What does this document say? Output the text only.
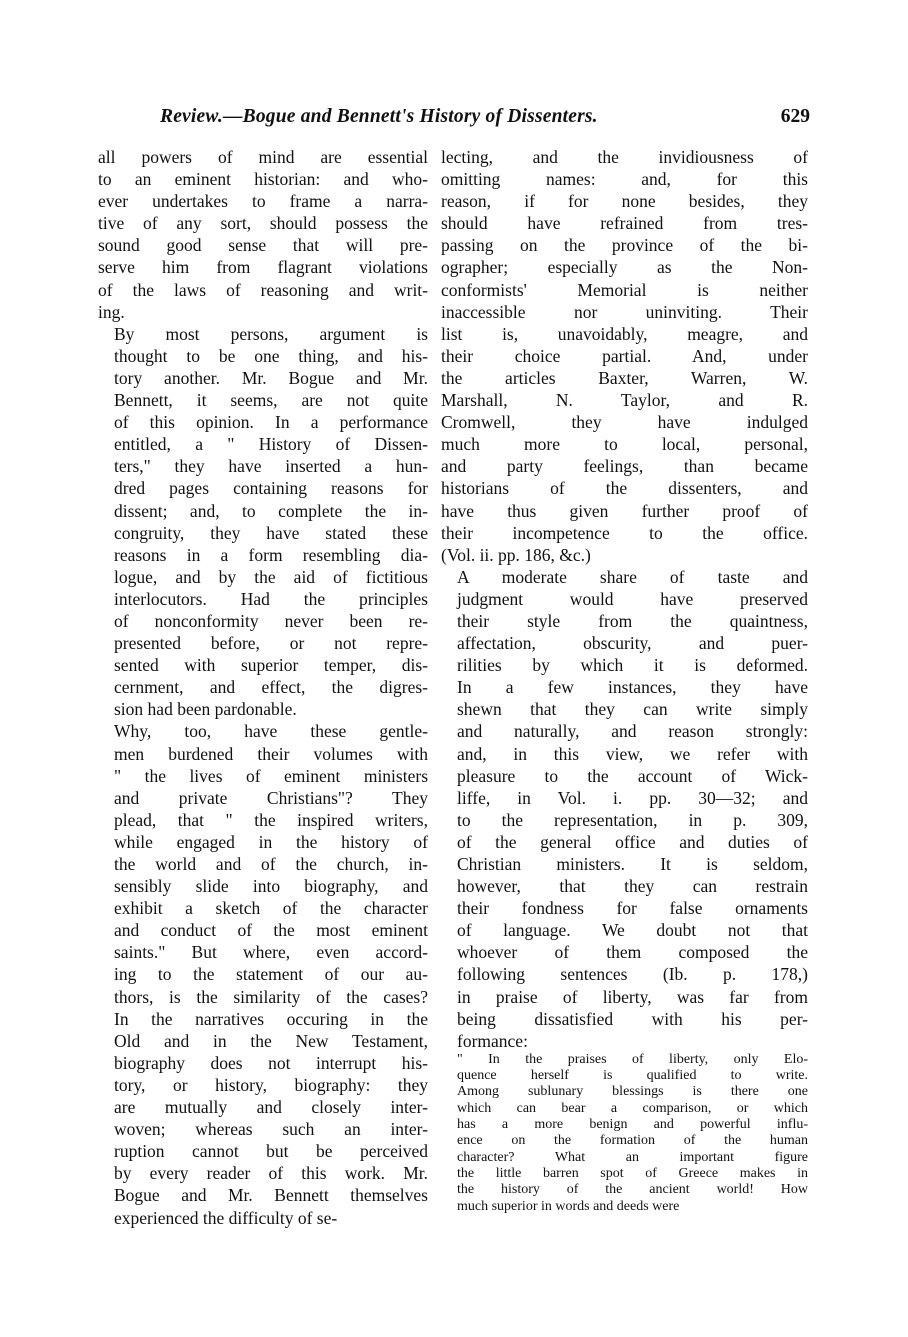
Review.—Bogue and Bennett's History of Dissenters.	629

all powers of mind are essential
to an eminent historian: and who-
ever undertakes to frame a narra-
tive of any sort, should possess the
sound good sense that will pre-
serve him from flagrant violations
of the laws of reasoning and writ-
ing.

By most persons, argument is
thought to be one thing, and his-
tory another. Mr. Bogue and Mr.
Bennett, it seems, are not quite
of this opinion. In a performance
entitled, a " History of Dissen-
ters," they have inserted a hun-
dred pages containing reasons for
dissent; and, to complete the in-
congruity, they have stated these
reasons in a form resembling dia-
logue, and by the aid of fictitious
interlocutors. Had the principles
of nonconformity never been re-
presented before, or not repre-
sented with superior temper, dis-
cernment, and effect, the digres-
sion had been pardonable.

Why, too, have these gentle-
men burdened their volumes with
" the lives of eminent ministers
and private Christians"? They
plead, that " the inspired writers,
while engaged in the history of
the world and of the church, in-
sensibly slide into biography, and
exhibit a sketch of the character
and conduct of the most eminent
saints." But where, even accord-
ing to the statement of our au-
thors, is the similarity of the cases?
In the narratives occuring in the
Old and in the New Testament,
biography does not interrupt his-
tory, or history, biography: they
are mutually and closely inter-
woven; whereas such an inter-
ruption cannot but be perceived
by every reader of this work. Mr.
Bogue and Mr. Bennett themselves
experienced the difficulty of se-

lecting, and the invidiousness of
omitting names: and, for this
reason, if for none besides, they
should have refrained from tres-
passing on the province of the bi-
ographer; especially as the Non-
conformists' Memorial is neither
inaccessible nor uninviting. Their
list is, unavoidably, meagre, and
their choice partial. And, under
the articles Baxter, Warren, W.
Marshall, N. Taylor, and R.
Cromwell, they have indulged
much more to local, personal,
and party feelings, than became
historians of the dissenters, and
have thus given further proof of
their incompetence to the office.
(Vol. ii. pp. 186, &c.)

A moderate share of taste and
judgment would have preserved
their style from the quaintness,
affectation, obscurity, and puer-
rilities by which it is deformed.
In a few instances, they have
shewn that they can write simply
and naturally, and reason strongly:
and, in this view, we refer with
pleasure to the account of Wick-
liffe, in Vol. i. pp. 30—32; and
to the representation, in p. 309,
of the general office and duties of
Christian ministers. It is seldom,
however, that they can restrain
their fondness for false ornaments
of language. We doubt not that
whoever of them composed the
following sentences (Ib. p. 178,)
in praise of liberty, was far from
being dissatisfied with his per-
formance:

" In the praises of liberty, only Elo-
quence herself is qualified to write.
Among sublunary blessings is there one
which can bear a comparison, or which
has a more benign and powerful influ-
ence on the formation of the human
character? What an important figure
the little barren spot of Greece makes in
the history of the ancient world! How
much superior in words and deeds were
